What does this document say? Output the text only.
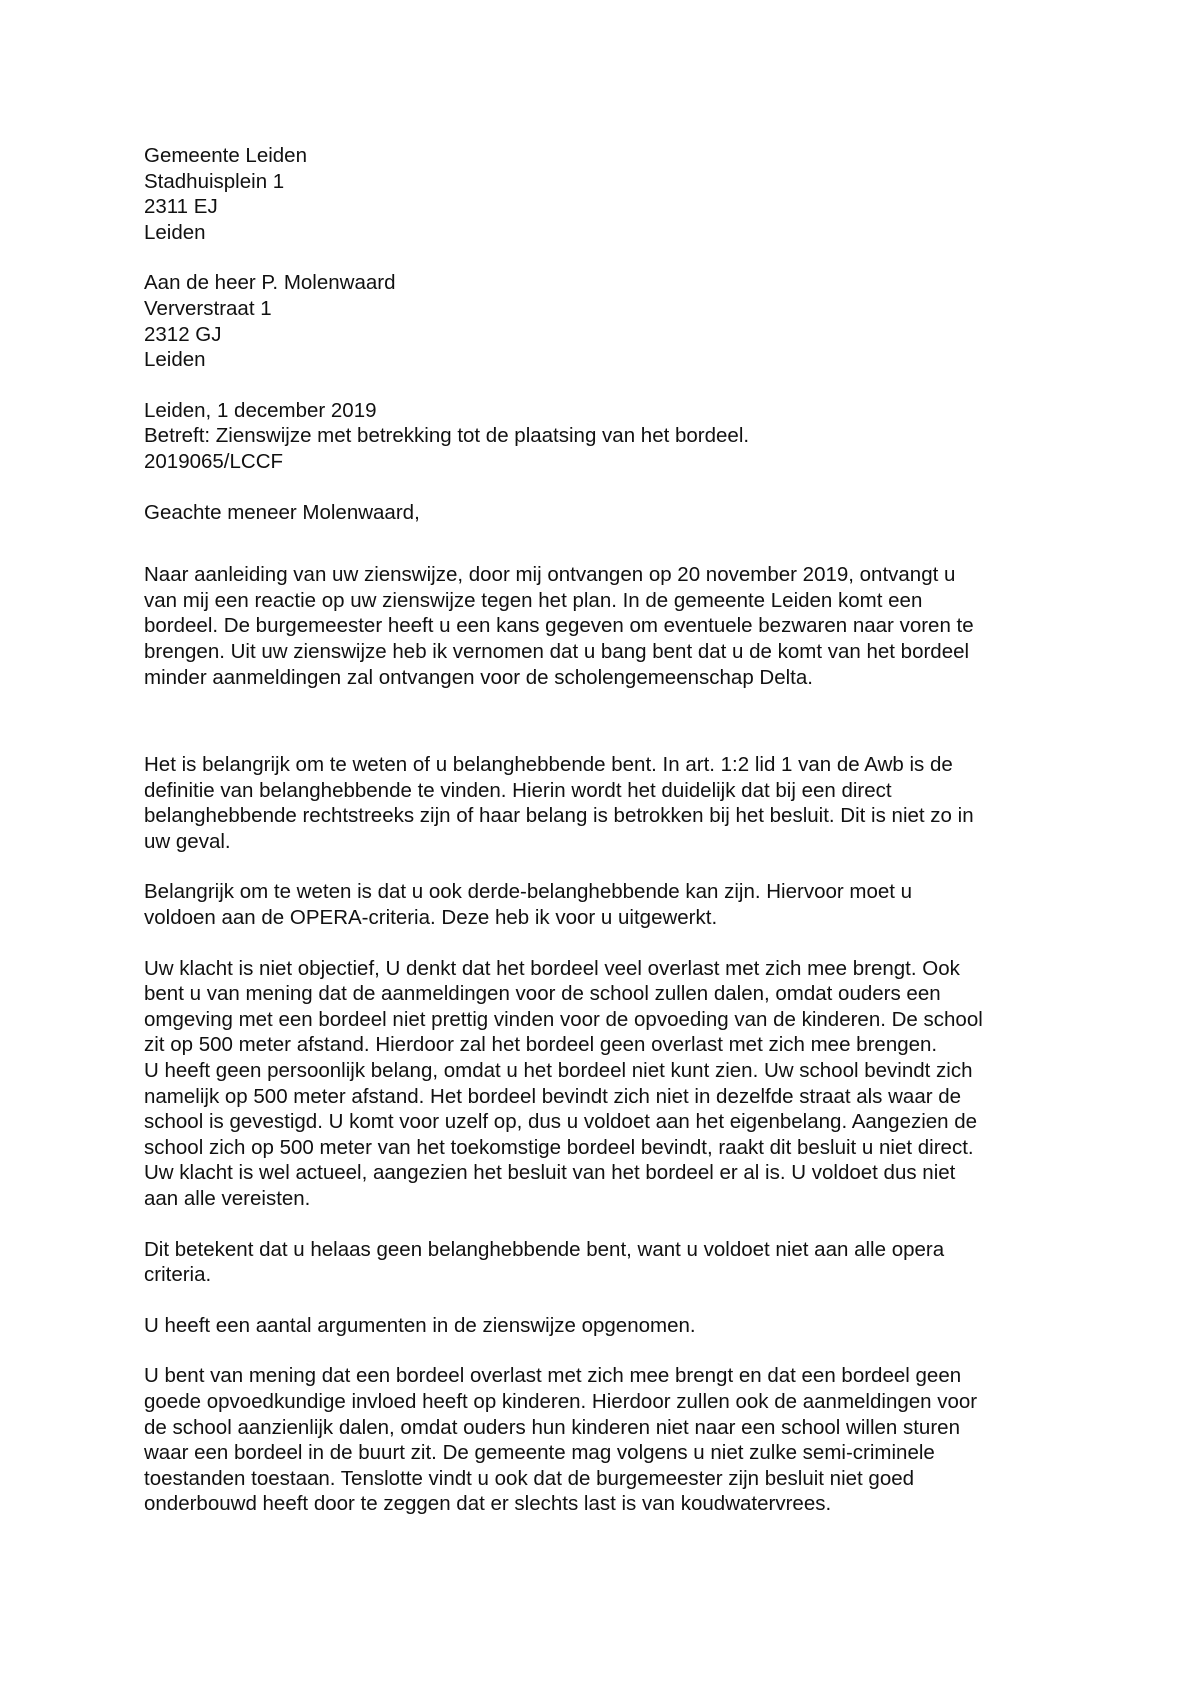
Gemeente Leiden
Stadhuisplein 1
2311 EJ
Leiden
Aan de heer P. Molenwaard
Ververstraat 1
2312 GJ
Leiden
Leiden, 1 december 2019
Betreft: Zienswijze met betrekking tot de plaatsing van het bordeel.
2019065/LCCF
Geachte meneer Molenwaard,

Naar aanleiding van uw zienswijze, door mij ontvangen op 20 november 2019, ontvangt u
van mij een reactie op uw zienswijze tegen het plan. In de gemeente Leiden komt een
bordeel. De burgemeester heeft u een kans gegeven om eventuele bezwaren naar voren te
brengen. Uit uw zienswijze heb ik vernomen dat u bang bent dat u de komt van het bordeel
minder aanmeldingen zal ontvangen voor de scholengemeenschap Delta.

Het is belangrijk om te weten of u belanghebbende bent. In art. 1:2 lid 1 van de Awb is de
definitie van belanghebbende te vinden. Hierin wordt het duidelijk dat bij een direct
belanghebbende rechtstreeks zijn of haar belang is betrokken bij het besluit. Dit is niet zo in
uw geval.

Belangrijk om te weten is dat u ook derde-belanghebbende kan zijn. Hiervoor moet u
voldoen aan de OPERA-criteria. Deze heb ik voor u uitgewerkt.

Uw klacht is niet objectief, U denkt dat het bordeel veel overlast met zich mee brengt. Ook
bent u van mening dat de aanmeldingen voor de school zullen dalen, omdat ouders een
omgeving met een bordeel niet prettig vinden voor de opvoeding van de kinderen. De school
zit op 500 meter afstand. Hierdoor zal het bordeel geen overlast met zich mee brengen.
U heeft geen persoonlijk belang, omdat u het bordeel niet kunt zien. Uw school bevindt zich
namelijk op 500 meter afstand. Het bordeel bevindt zich niet in dezelfde straat als waar de
school is gevestigd. U komt voor uzelf op, dus u voldoet aan het eigenbelang. Aangezien de
school zich op 500 meter van het toekomstige bordeel bevindt, raakt dit besluit u niet direct.
Uw klacht is wel actueel, aangezien het besluit van het bordeel er al is. U voldoet dus niet
aan alle vereisten.

Dit betekent dat u helaas geen belanghebbende bent, want u voldoet niet aan alle opera
criteria.

U heeft een aantal argumenten in de zienswijze opgenomen.

U bent van mening dat een bordeel overlast met zich mee brengt en dat een bordeel geen
goede opvoedkundige invloed heeft op kinderen. Hierdoor zullen ook de aanmeldingen voor
de school aanzienlijk dalen, omdat ouders hun kinderen niet naar een school willen sturen
waar een bordeel in de buurt zit. De gemeente mag volgens u niet zulke semi-criminele
toestanden toestaan. Tenslotte vindt u ook dat de burgemeester zijn besluit niet goed
onderbouwd heeft door te zeggen dat er slechts last is van koudwatervrees.
